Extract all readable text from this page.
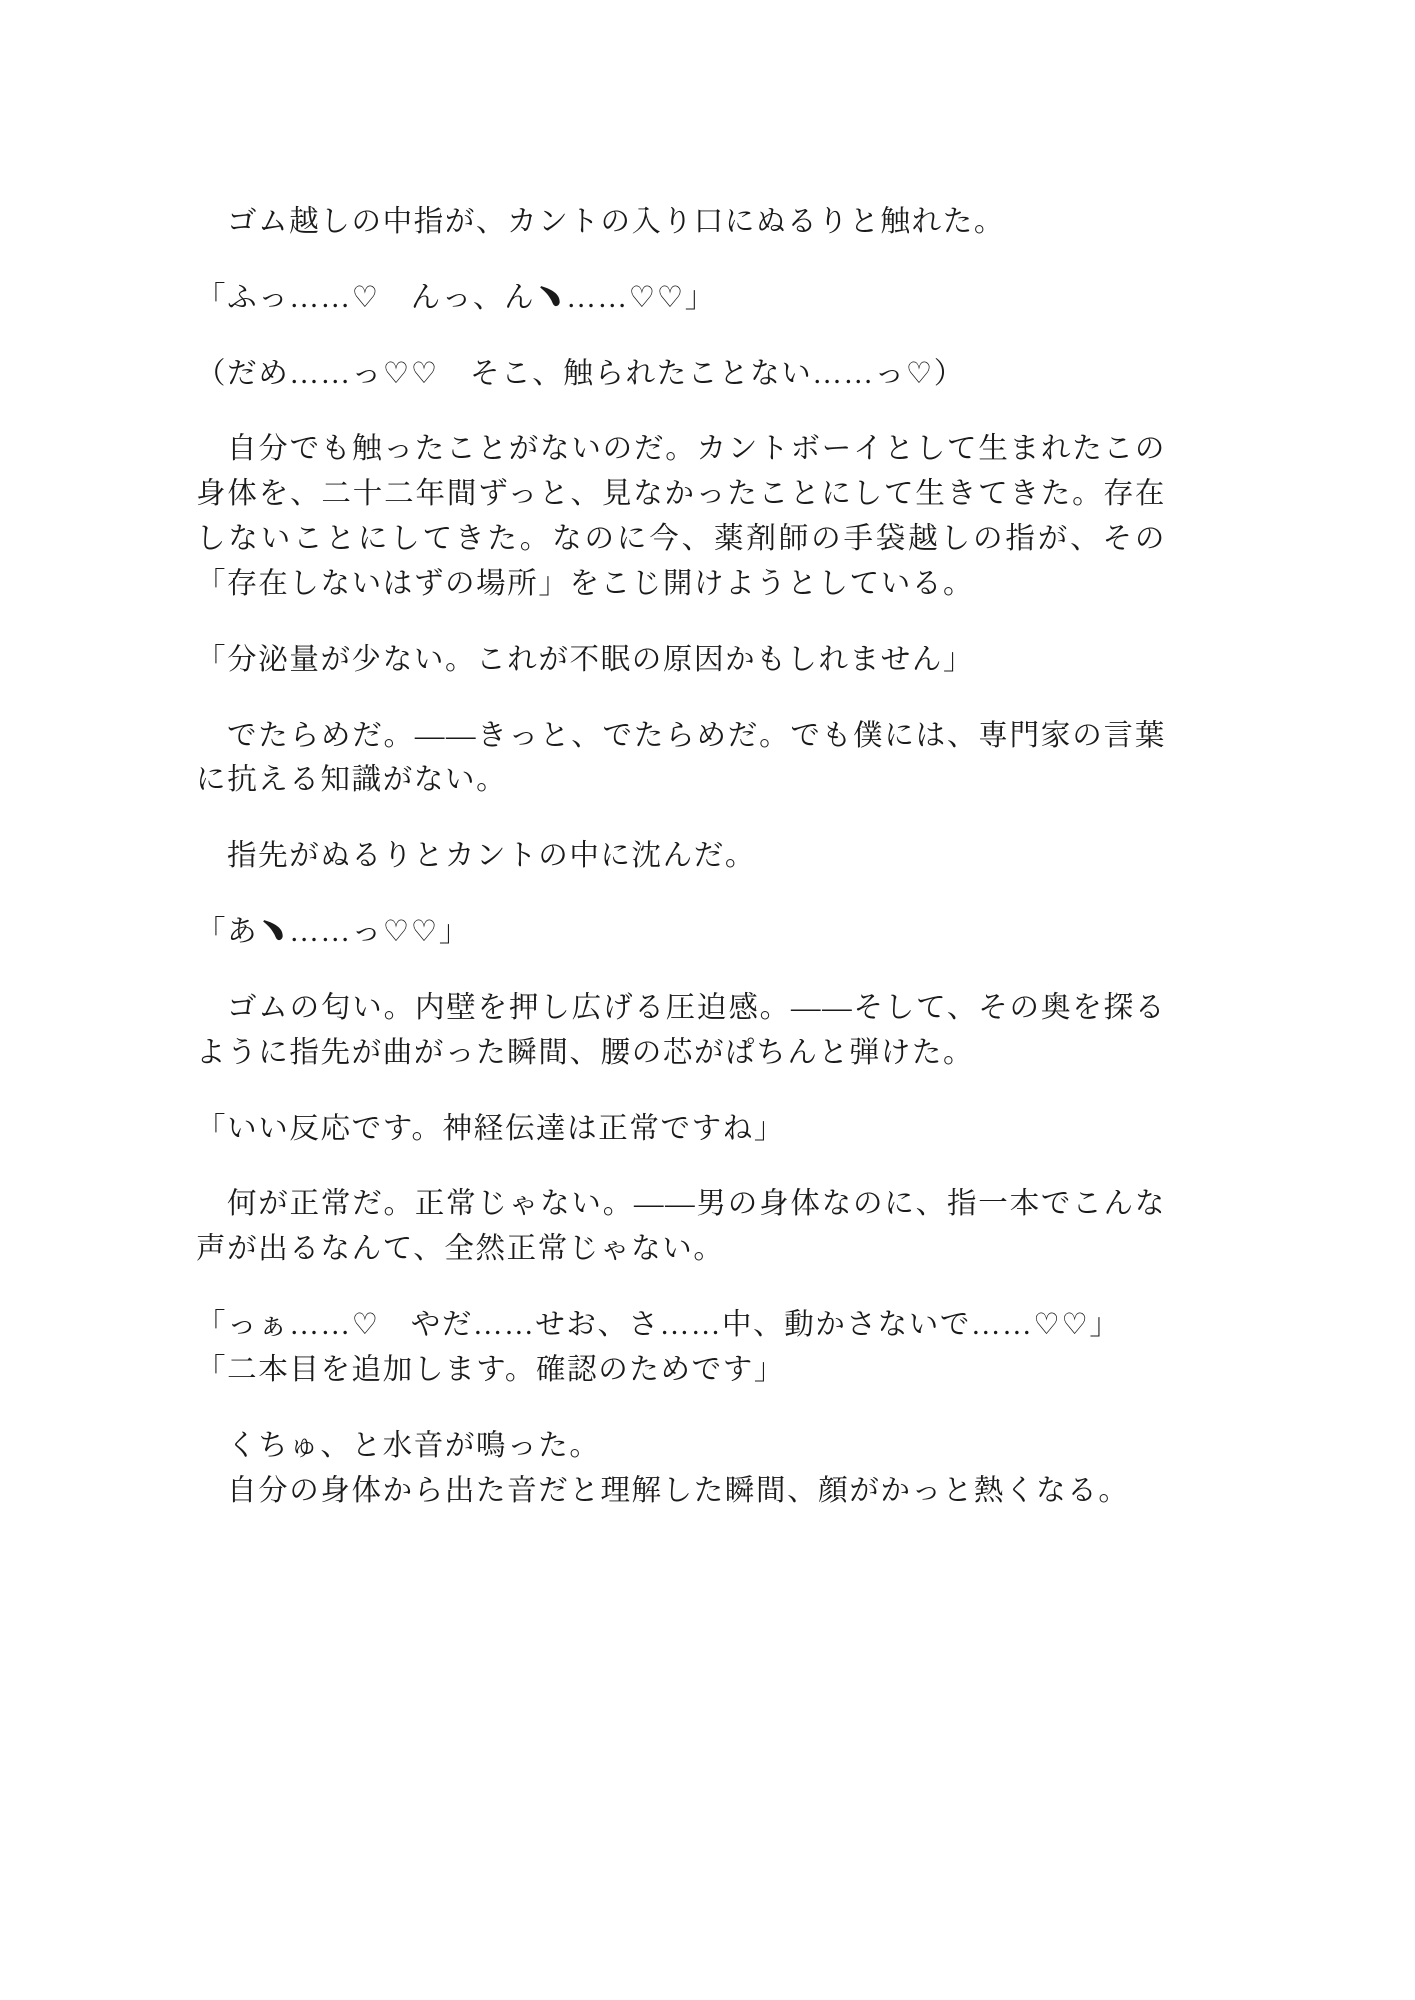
ゴム越しの中指が、カントの入り口にぬるりと触れた。

「ふっ……♡　んっ、ん﹅……♡♡」

（だめ……っ♡♡　そこ、触られたことない……っ♡）

自分でも触ったことがないのだ。カントボーイとして生まれたこの身体を、二十二年間ずっと、見なかったことにして生きてきた。存在しないことにしてきた。なのに今、薬剤師の手袋越しの指が、その「存在しないはずの場所」をこじ開けようとしている。

「分泌量が少ない。これが不眠の原因かもしれません」

でたらめだ。——きっと、でたらめだ。でも僕には、専門家の言葉に抗える知識がない。

指先がぬるりとカントの中に沈んだ。

「あ﹅……っ♡♡」

ゴムの匂い。内壁を押し広げる圧迫感。——そして、その奥を探るように指先が曲がった瞬間、腰の芯がぱちんと弾けた。

「いい反応です。神経伝達は正常ですね」

何が正常だ。正常じゃない。——男の身体なのに、指一本でこんな声が出るなんて、全然正常じゃない。

「っぁ……♡　やだ……せお、さ……中、動かさないで……♡♡」

「二本目を追加します。確認のためです」

くちゅ、と水音が鳴った。

自分の身体から出た音だと理解した瞬間、顔がかっと熱くなる。
